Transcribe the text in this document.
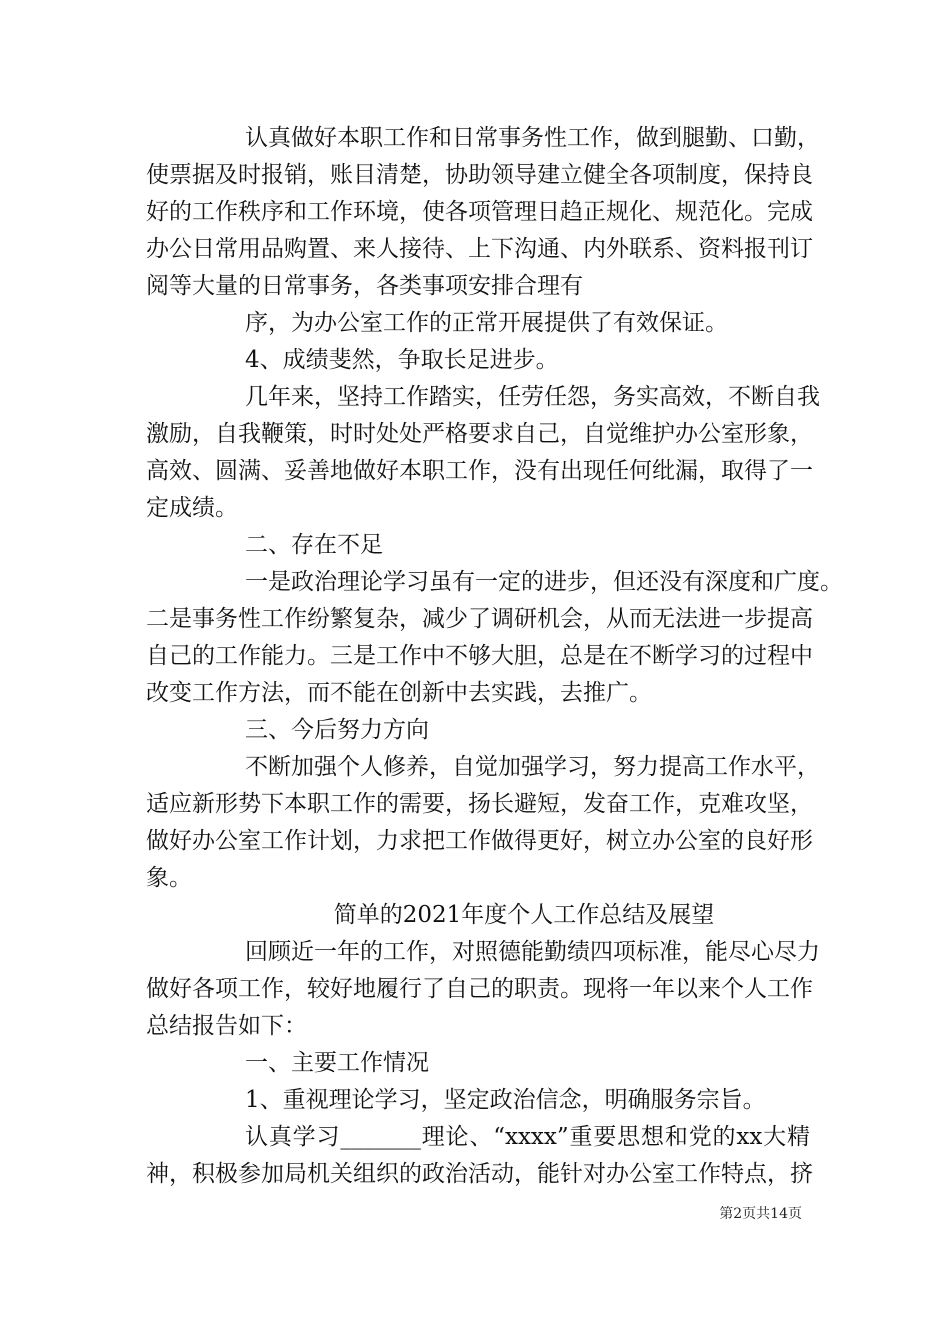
认真做好本职工作和日常事务性工作，做到腿勤、口勤，
使票据及时报销，账目清楚，协助领导建立健全各项制度，保持良
好的工作秩序和工作环境，使各项管理日趋正规化、规范化。完成
办公日常用品购置、来人接待、上下沟通、内外联系、资料报刊订
阅等大量的日常事务，各类事项安排合理有
序，为办公室工作的正常开展提供了有效保证。
4、成绩斐然，争取长足进步。
几年来，坚持工作踏实，任劳任怨，务实高效，不断自我
激励，自我鞭策，时时处处严格要求自己，自觉维护办公室形象，
高效、圆满、妥善地做好本职工作，没有出现任何纰漏，取得了一
定成绩。
二、存在不足
一是政治理论学习虽有一定的进步，但还没有深度和广度。
二是事务性工作纷繁复杂，减少了调研机会，从而无法进一步提高
自己的工作能力。三是工作中不够大胆，总是在不断学习的过程中
改变工作方法，而不能在创新中去实践，去推广。
三、今后努力方向
不断加强个人修养，自觉加强学习，努力提高工作水平，
适应新形势下本职工作的需要，扬长避短，发奋工作，克难攻坚，
做好办公室工作计划，力求把工作做得更好，树立办公室的良好形
象。
简单的2021年度个人工作总结及展望
回顾近一年的工作，对照德能勤绩四项标准，能尽心尽力
做好各项工作，较好地履行了自己的职责。现将一年以来个人工作
总结报告如下：
一、主要工作情况
1、重视理论学习，坚定政治信念，明确服务宗旨。
认真学习_______理论、“xxxx”重要思想和党的xx大精
神，积极参加局机关组织的政治活动，能针对办公室工作特点，挤
第2页共14页
